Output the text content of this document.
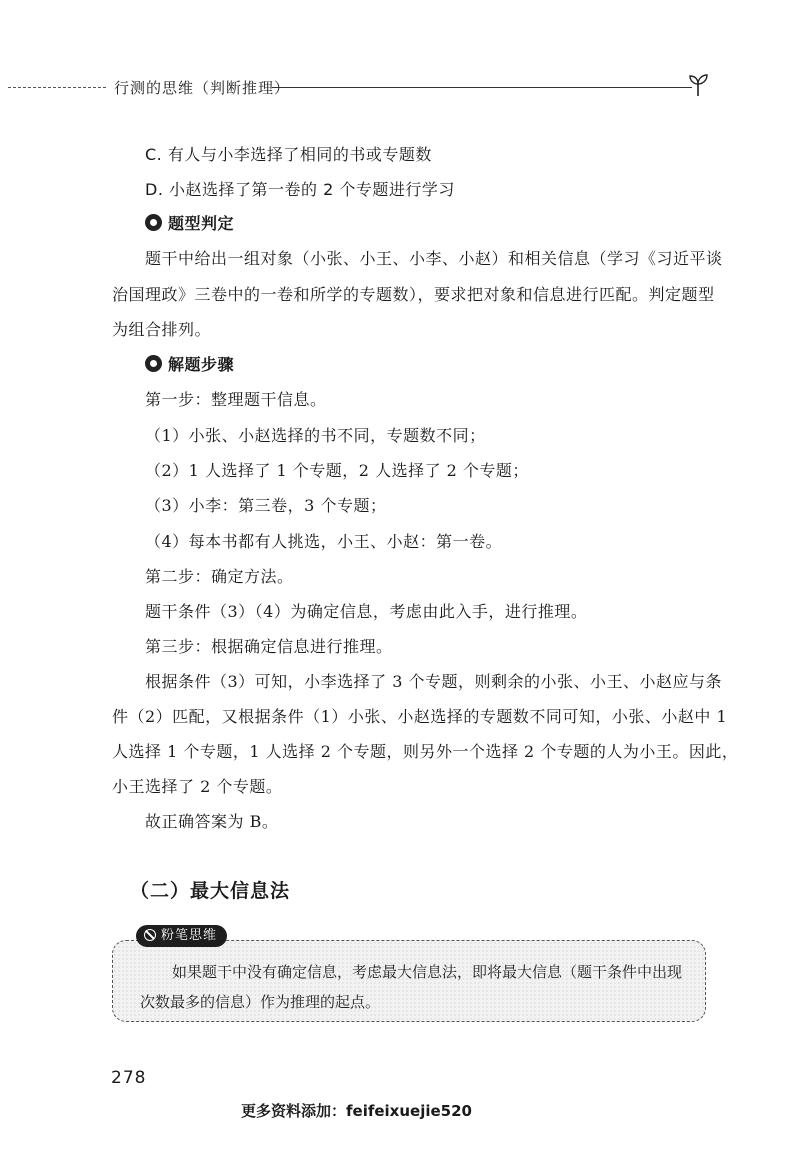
行测的思维（判断推理）
C. 有人与小李选择了相同的书或专题数
D. 小赵选择了第一卷的 2 个专题进行学习
题型判定
题干中给出一组对象（小张、小王、小李、小赵）和相关信息（学习《习近平谈
治国理政》三卷中的一卷和所学的专题数），要求把对象和信息进行匹配。判定题型
为组合排列。
解题步骤
第一步：整理题干信息。
（1）小张、小赵选择的书不同，专题数不同；
（2）1 人选择了 1 个专题，2 人选择了 2 个专题；
（3）小李：第三卷，3 个专题；
（4）每本书都有人挑选，小王、小赵：第一卷。
第二步：确定方法。
题干条件（3）（4）为确定信息，考虑由此入手，进行推理。
第三步：根据确定信息进行推理。
根据条件（3）可知，小李选择了 3 个专题，则剩余的小张、小王、小赵应与条
件（2）匹配，又根据条件（1）小张、小赵选择的专题数不同可知，小张、小赵中 1
人选择 1 个专题，1 人选择 2 个专题，则另外一个选择 2 个专题的人为小王。因此，
小王选择了 2 个专题。
故正确答案为 B。
（二）最大信息法
粉笔思维
如果题干中没有确定信息，考虑最大信息法，即将最大信息（题干条件中出现
次数最多的信息）作为推理的起点。
278
更多资料添加：feifeixuejie520
